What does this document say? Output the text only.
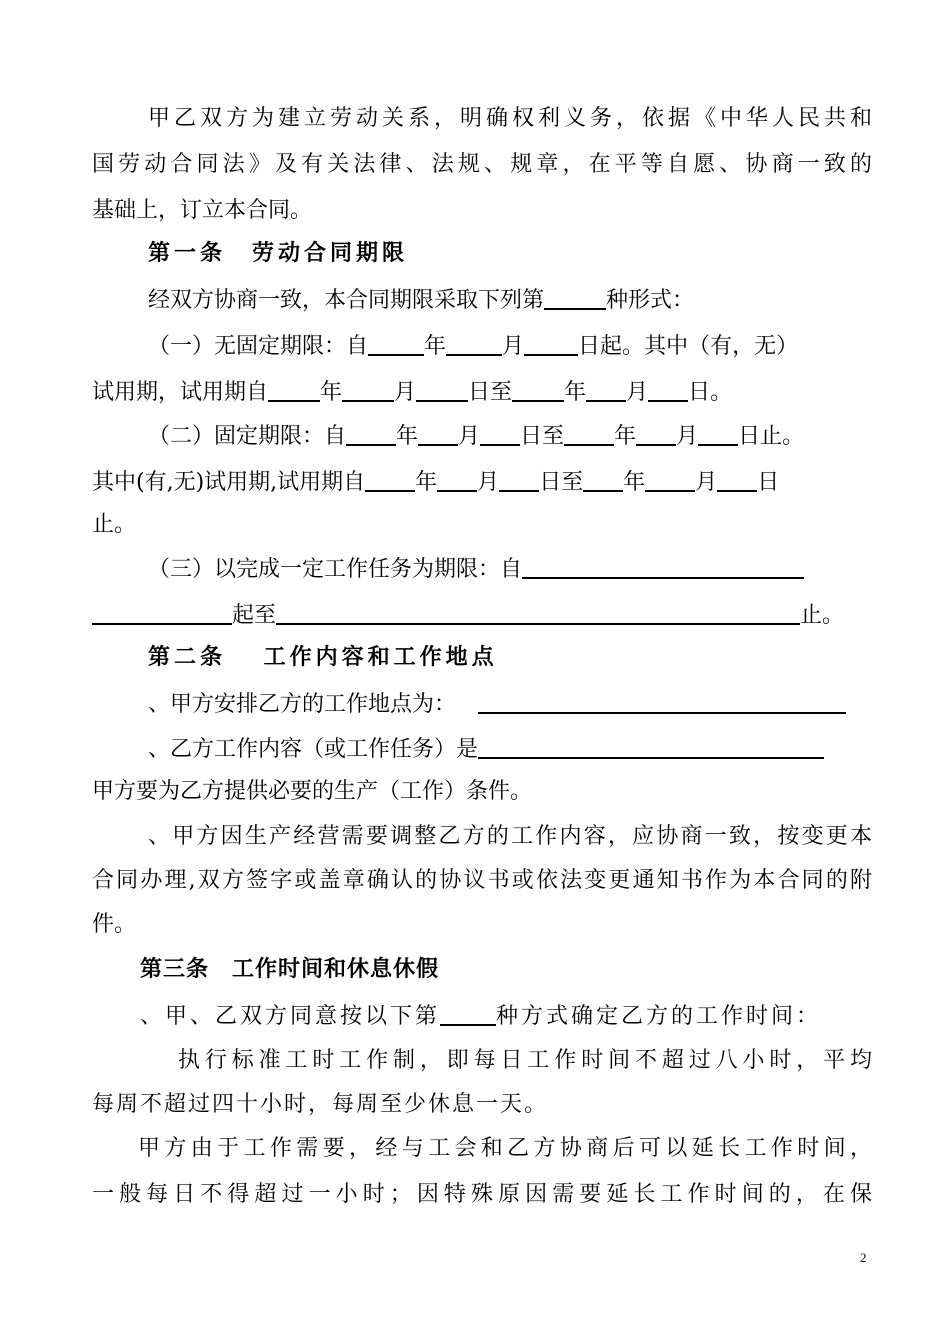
甲乙双方为建立劳动关系，明确权利义务，依据《中华人民共和
国劳动合同法》及有关法律、法规、规章，在平等自愿、协商一致的
基础上，订立本合同。
第一条　劳动合同期限
经双方协商一致，本合同期限采取下列第	种形式：
（一）无固定期限：自	年	月 日起。其中（有，无）
试用期，试用期自 年 月 日至 年 月 日。
（二）固定期限：自 年 月 日至 年 月 日止。
其中(有,无)试用期,试用期自 年 月 日至 年 月 日
止。
（三）以完成一定工作任务为期限：自
起至	止。
第二条　 工作内容和工作地点
、甲方安排乙方的工作地点为：
、乙方工作内容（或工作任务）是
甲方要为乙方提供必要的生产（工作）条件。
、甲方因生产经营需要调整乙方的工作内容，应协商一致，按变更本
合同办理,双方签字或盖章确认的协议书或依法变更通知书作为本合同的附
件。
第三条　工作时间和休息休假
、甲、乙双方同意按以下第	种方式确定乙方的工作时间：
执行标准工时工作制，即每日工作时间不超过八小时，平均
每周不超过四十小时，每周至少休息一天。
甲方由于工作需要，经与工会和乙方协商后可以延长工作时间，
一般每日不得超过一小时；因特殊原因需要延长工作时间的，在保
2
